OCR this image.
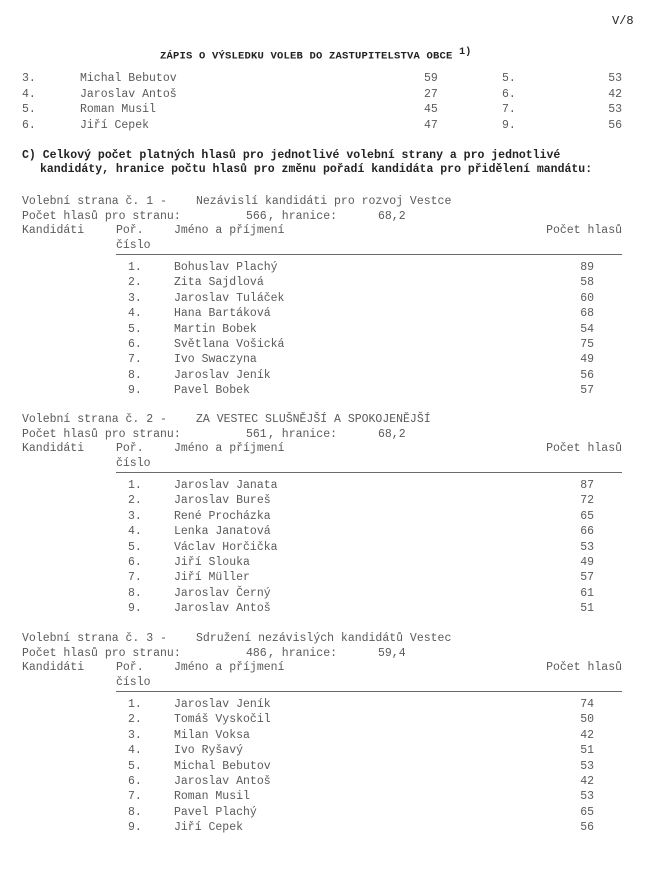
V/8
ZÁPIS O VÝSLEDKU VOLEB DO ZASTUPITELSTVA OBCE $^{1)}$
3.	Michal Bebutov	59	5.	53
4.	Jaroslav Antoš	27	6.	42
5.	Roman Musil	45	7.	53
6.	Jiří Cepek	47	9.	56
C) Celkový počet platných hlasů pro jednotlivé volební strany a pro jednotlivé
kandidáty, hranice počtu hlasů pro změnu pořadí kandidáta pro přidělení mandátu:
Volební strana č. 1 -	Nezávislí kandidáti pro rozvoj Vestce
Počet hlasů pro stranu:	566 , hranice:	68,2
Kandidáti	Poř.
číslo
Jméno a příjmení	Počet hlasů
1.	Bohuslav Plachý	89
2.	Zita Sajdlová	58
3.	Jaroslav Tuláček	60
4.	Hana Bartáková	68
5.	Martin Bobek	54
6.	Světlana Vošická	75
7.	Ivo Swaczyna	49
8.	Jaroslav Jeník	56
9.	Pavel Bobek	57
Volební strana č. 2 -	ZA VESTEC SLUŠNĚJŠÍ A SPOKOJENĚJŠÍ
Počet hlasů pro stranu:	561 , hranice:	68,2
Kandidáti	Poř.
číslo
Jméno a příjmení	Počet hlasů
1.	Jaroslav Janata	87
2.	Jaroslav Bureš	72
3.	René Procházka	65
4.	Lenka Janatová	66
5.	Václav Horčička	53
6.	Jiří Slouka	49
7.	Jiří Müller	57
8.	Jaroslav Černý	61
9.	Jaroslav Antoš	51
Volební strana č. 3 -	Sdružení nezávislých kandidátů Vestec
Počet hlasů pro stranu:	486 , hranice:	59,4
Kandidáti	Poř.
číslo
Jméno a příjmení	Počet hlasů
1.	Jaroslav Jeník	74
2.	Tomáš Vyskočil	50
3.	Milan Voksa	42
4.	Ivo Ryšavý	51
5.	Michal Bebutov	53
6.	Jaroslav Antoš	42
7.	Roman Musil	53
8.	Pavel Plachý	65
9.	Jiří Cepek	56
